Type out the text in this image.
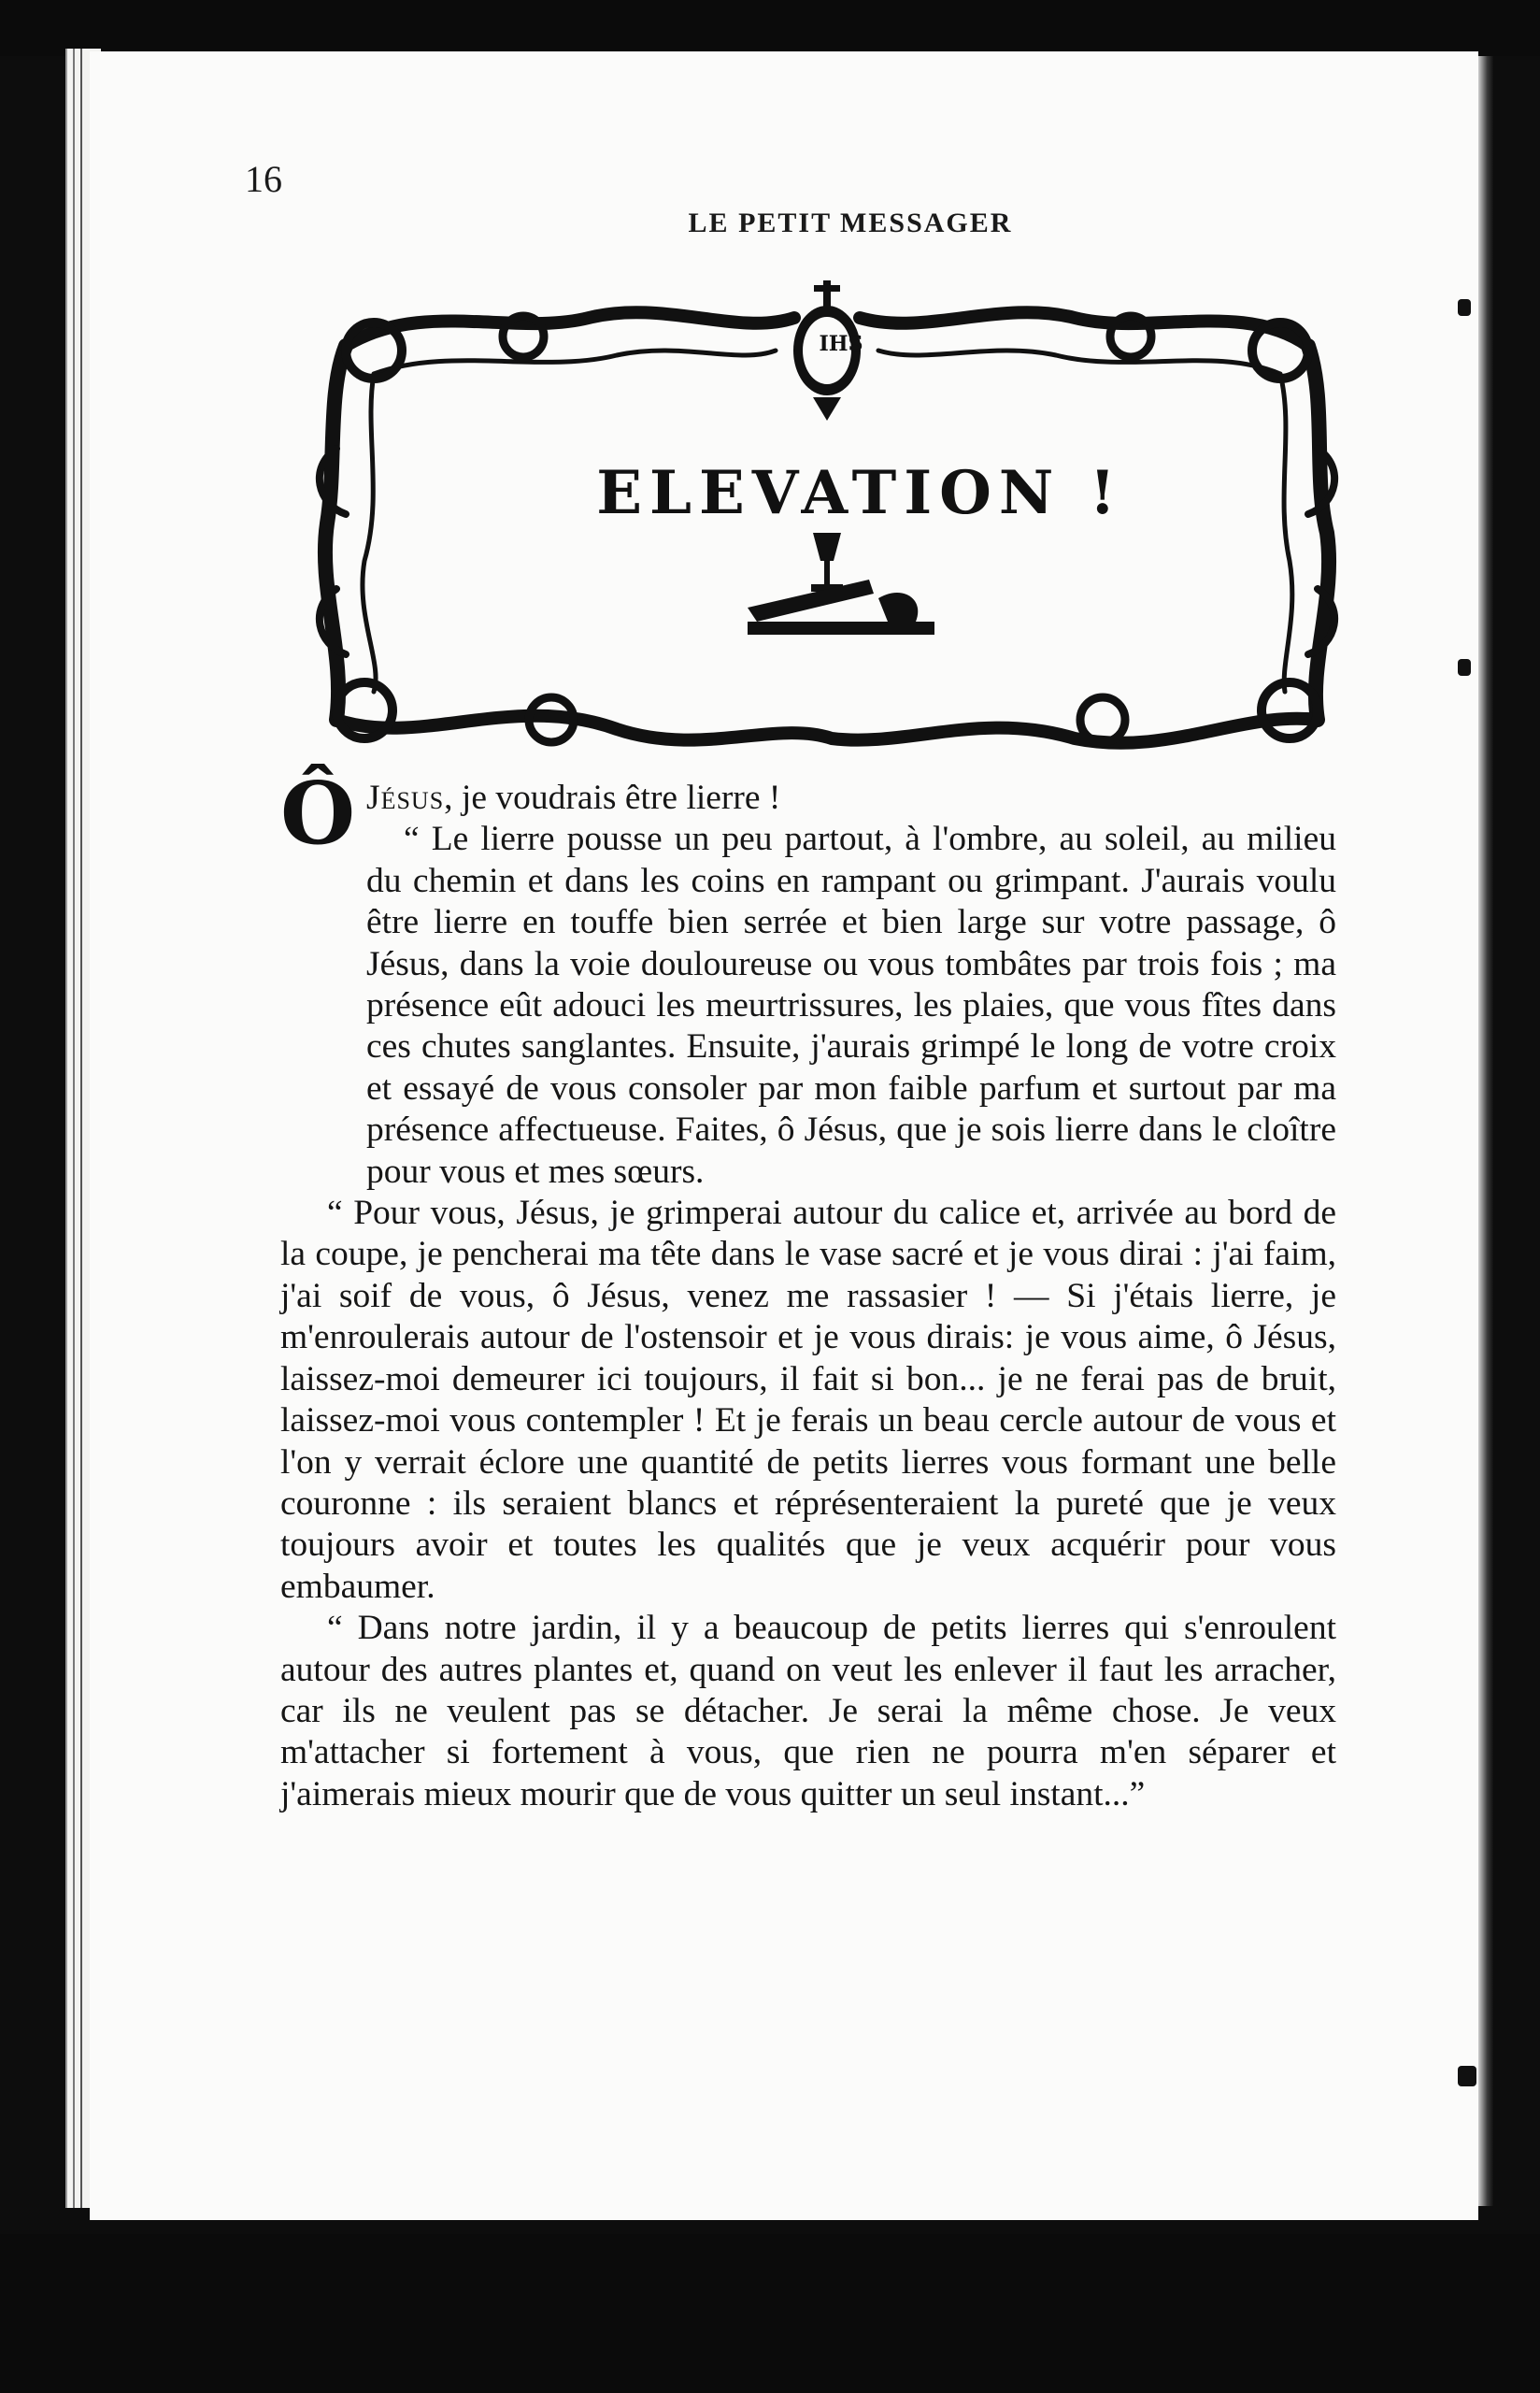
16
LE PETIT MESSAGER
ELEVATION !
IHS

Ô Jésus, je voudrais être lierre !

“ Le lierre pousse un peu partout, à l'ombre, au soleil, au milieu du chemin et dans les coins en rampant ou grimpant. J'aurais voulu être lierre en touffe bien serrée et bien large sur votre passage, ô Jésus, dans la voie douloureuse ou vous tombâtes par trois fois ; ma présence eût adouci les meurtrissures, les plaies, que vous fîtes dans ces chutes sanglantes. Ensuite, j'aurais grimpé le long de votre croix et essayé de vous consoler par mon faible parfum et surtout par ma présence affectueuse. Faites, ô Jésus, que je sois lierre dans le cloître pour vous et mes sœurs.

“ Pour vous, Jésus, je grimperai autour du calice et, arrivée au bord de la coupe, je pencherai ma tête dans le vase sacré et je vous dirai : j'ai faim, j'ai soif de vous, ô Jésus, venez me rassasier ! — Si j'étais lierre, je m'enroulerais autour de l'ostensoir et je vous dirais: je vous aime, ô Jésus, laissez-moi demeurer ici toujours, il fait si bon... je ne ferai pas de bruit, laissez-moi vous contempler ! Et je ferais un beau cercle autour de vous et l'on y verrait éclore une quantité de petits lierres vous formant une belle couronne : ils seraient blancs et réprésenteraient la pureté que je veux toujours avoir et toutes les qualités que je veux acquérir pour vous embaumer.

“ Dans notre jardin, il y a beaucoup de petits lierres qui s'enroulent autour des autres plantes et, quand on veut les enlever il faut les arracher, car ils ne veulent pas se détacher. Je serai la même chose. Je veux m'attacher si fortement à vous, que rien ne pourra m'en séparer et j'aimerais mieux mourir que de vous quitter un seul instant...”
